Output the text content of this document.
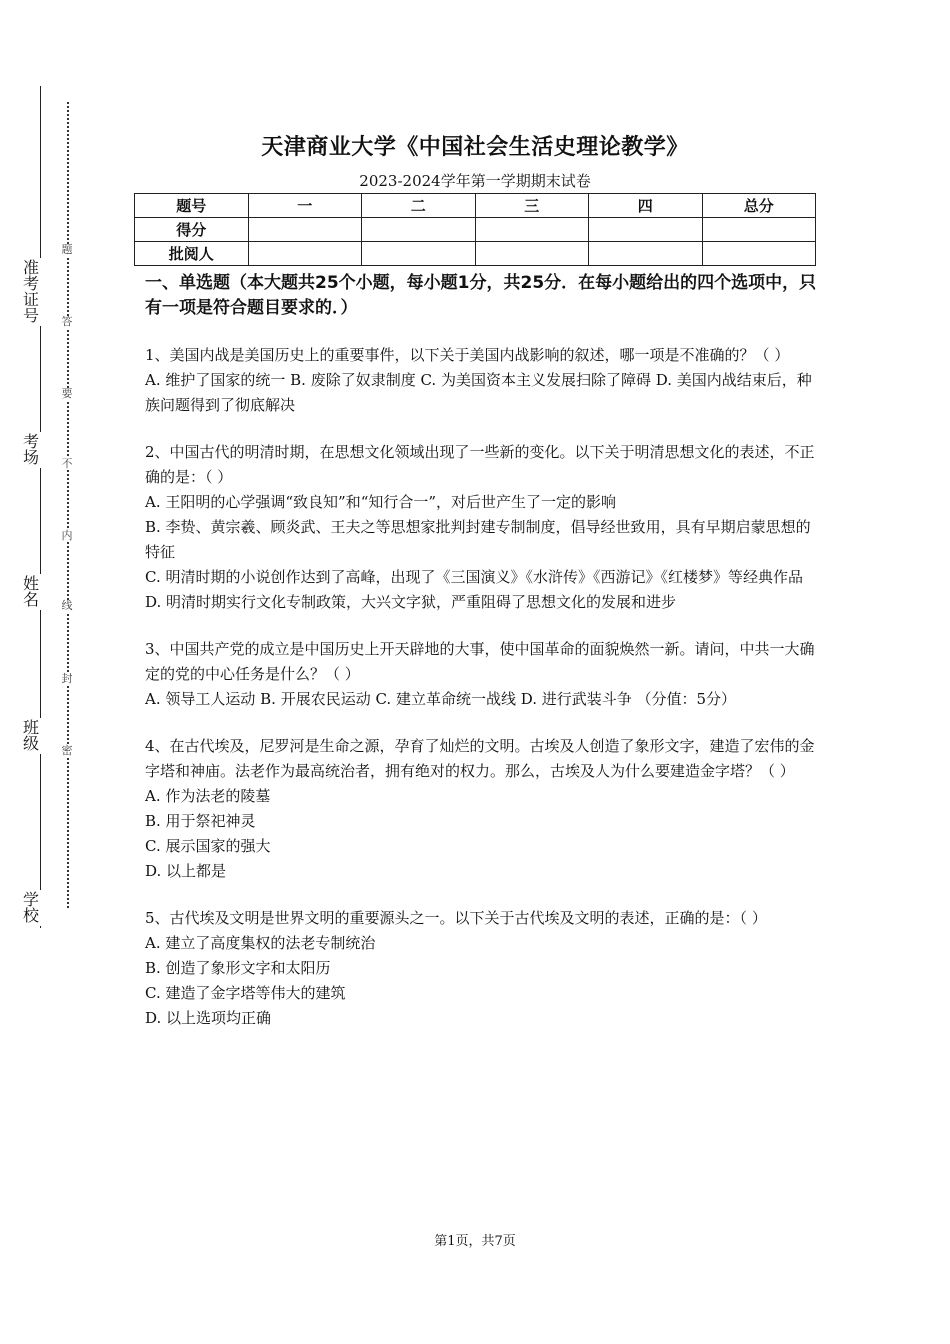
准
考
证
号
考
场
姓
名
班
级
学
校
题
答
要
不
内
线
封
密
天津商业大学《中国社会生活史理论教学》
2023-2024学年第一学期期末试卷
题号	一	二	三	四	总分
得分					
批阅人					
一、单选题（本大题共25个小题，每小题1分，共25分．在每小题给出的四个选项中，只有一项是符合题目要求的．）

1、美国内战是美国历史上的重要事件，以下关于美国内战影响的叙述，哪一项是不准确的？（ ）

A. 维护了国家的统一 B. 废除了奴隶制度 C. 为美国资本主义发展扫除了障碍 D. 美国内战结束后，种族问题得到了彻底解决

2、中国古代的明清时期，在思想文化领域出现了一些新的变化。以下关于明清思想文化的表述，不正确的是：（ ）

A. 王阳明的心学强调“致良知”和“知行合一”，对后世产生了一定的影响

B. 李贽、黄宗羲、顾炎武、王夫之等思想家批判封建专制制度，倡导经世致用，具有早期启蒙思想的特征

C. 明清时期的小说创作达到了高峰，出现了《三国演义》《水浒传》《西游记》《红楼梦》等经典作品

D. 明清时期实行文化专制政策，大兴文字狱，严重阻碍了思想文化的发展和进步

3、中国共产党的成立是中国历史上开天辟地的大事，使中国革命的面貌焕然一新。请问，中共一大确定的党的中心任务是什么？（ ）

A. 领导工人运动 B. 开展农民运动 C. 建立革命统一战线 D. 进行武装斗争 （分值：5分）

4、在古代埃及，尼罗河是生命之源，孕育了灿烂的文明。古埃及人创造了象形文字，建造了宏伟的金字塔和神庙。法老作为最高统治者，拥有绝对的权力。那么，古埃及人为什么要建造金字塔？（ ）

A. 作为法老的陵墓

B. 用于祭祀神灵

C. 展示国家的强大

D. 以上都是

5、古代埃及文明是世界文明的重要源头之一。以下关于古代埃及文明的表述，正确的是：（ ）

A. 建立了高度集权的法老专制统治

B. 创造了象形文字和太阳历

C. 建造了金字塔等伟大的建筑

D. 以上选项均正确

第1页，共7页
